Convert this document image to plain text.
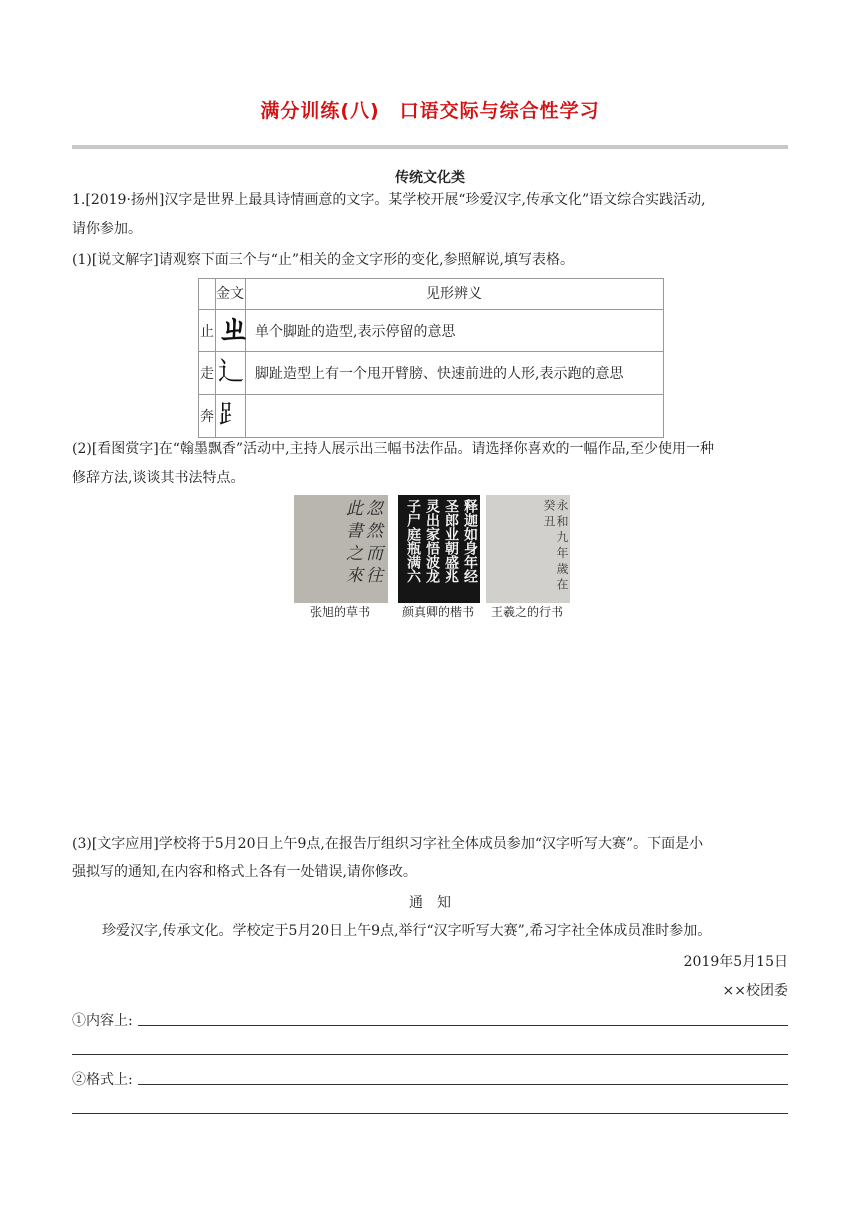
满分训练(八)　口语交际与综合性学习
传统文化类
1.[2019·扬州]汉字是世界上最具诗情画意的文字。某学校开展“珍爱汉字,传承文化”语文综合实践活动,
请你参加。
(1)[说文解字]请观察下面三个与“止”相关的金文字形的变化,参照解说,填写表格。
金文	见形辨义
止 ㄓ 单个脚趾的造型,表示停留的意思
走 ⻌ 脚趾造型上有一个甩开臂膀、快速前进的人形,表示跑的意思
奔 ⻊
(2)[看图赏字]在“翰墨飘香”活动中,主持人展示出三幅书法作品。请选择你喜欢的一幅作品,至少使用一种
修辞方法,谈谈其书法特点。
忽 然 而 往 此 書 之 來	释迦如身年经 圣郎业朝盛兆 灵出家悟波龙 子尸庭瓶满六	永 和 九 年 歲 在 癸 丑
张旭的草书	颜真卿的楷书 王羲之的行书
(3)[文字应用]学校将于5月20日上午9点,在报告厅组织习字社全体成员参加“汉字听写大赛”。下面是小
强拟写的通知,在内容和格式上各有一处错误,请你修改。
通　知
珍爱汉字,传承文化。学校定于5月20日上午9点,举行“汉字听写大赛”,希习字社全体成员准时参加。
2019年5月15日
××校团委
①内容上:
②格式上:
